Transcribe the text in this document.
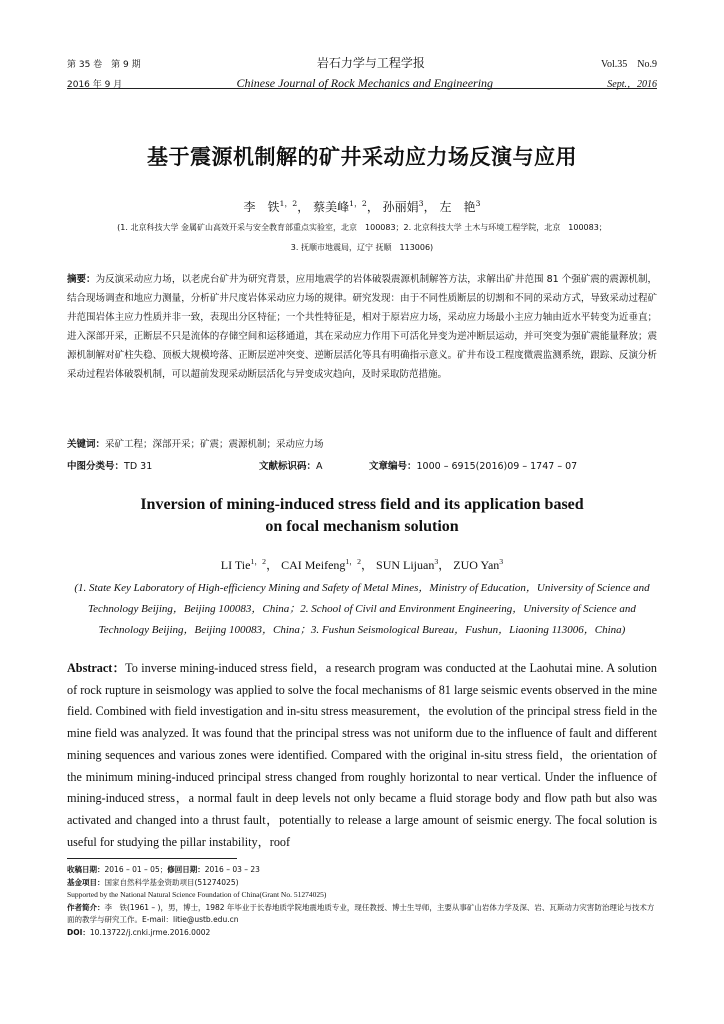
第 35 卷　第 9 期	岩石力学与工程学报	Vol.35　No.9
2016 年 9 月	Chinese Journal of Rock Mechanics and Engineering	Sept.，2016
基于震源机制解的矿井采动应力场反演与应用
李　铁$^{1,2}$， 蔡美峰$^{1,2}$， 孙丽娟$^3$， 左　艳$^3$
(1. 北京科技大学 金属矿山高效开采与安全教育部重点实验室，北京　100083；2. 北京科技大学 土木与环境工程学院，北京　100083；
3. 抚顺市地震局，辽宁 抚顺　113006)
摘要：为反演采动应力场，以老虎台矿井为研究背景，应用地震学的岩体破裂震源机制解答方法，求解出矿井范围 81 个强矿震的震源机制，结合现场调查和地应力测量，分析矿井尺度岩体采动应力场的规律。研究发现：由于不同性质断层的切割和不同的采动方式，导致采动过程矿井范围岩体主应力性质并非一致，表现出分区特征；一个共性特征是，相对于原岩应力场，采动应力场最小主应力轴由近水平转变为近垂直；进入深部开采，正断层不只是流体的存储空间和运移通道，其在采动应力作用下可活化异变为逆冲断层运动，并可突变为强矿震能量释放；震源机制解对矿柱失稳、顶板大规模垮落、正断层逆冲突变、逆断层活化等具有明确指示意义。矿井布设工程度微震监测系统，跟踪、反演分析采动过程岩体破裂机制，可以超前发现采动断层活化与异变成灾趋向，及时采取防范措施。
关键词：采矿工程；深部开采；矿震；震源机制；采动应力场
中图分类号：TD 31	文献标识码：A	文章编号：1000 – 6915(2016)09 – 1747 – 07
Inversion of mining-induced stress field and its application based
on focal mechanism solution
LI Tie$^{1,2}$， CAI Meifeng$^{1,2}$， SUN Lijuan$^3$， ZUO Yan$^3$
(1. State Key Laboratory of High-efficiency Mining and Safety of Metal Mines，Ministry of Education，University of Science and Technology Beijing，Beijing 100083，China；2. School of Civil and Environment Engineering，University of Science and Technology Beijing，Beijing 100083，China；3. Fushun Seismological Bureau，Fushun，Liaoning 113006，China)
Abstract：To inverse mining-induced stress field，a research program was conducted at the Laohutai mine. A solution of rock rupture in seismology was applied to solve the focal mechanisms of 81 large seismic events observed in the mine field. Combined with field investigation and in-situ stress measurement，the evolution of the principal stress field in the mine field was analyzed. It was found that the principal stress was not uniform due to the influence of fault and different mining sequences and various zones were identified. Compared with the original in-situ stress field，the orientation of the minimum mining-induced principal stress changed from roughly horizontal to near vertical. Under the influence of mining-induced stress，a normal fault in deep levels not only became a fluid storage body and flow path but also was activated and changed into a thrust fault，potentially to release a large amount of seismic energy. The focal solution is useful for studying the pillar instability，roof
收稿日期：2016 – 01 – 05；修回日期：2016 – 03 – 23
基金项目：国家自然科学基金资助项目(51274025)
Supported by the National Natural Science Foundation of China(Grant No. 51274025)
作者简介：李　铁(1961 – )，男，博士，1982 年毕业于长春地质学院地震地质专业，现任教授、博士生导师，主要从事矿山岩体力学及深、岩、瓦斯动力灾害防治理论与技术方面的教学与研究工作。E-mail：litie@ustb.edu.cn
DOI：10.13722/j.cnki.jrme.2016.0002
